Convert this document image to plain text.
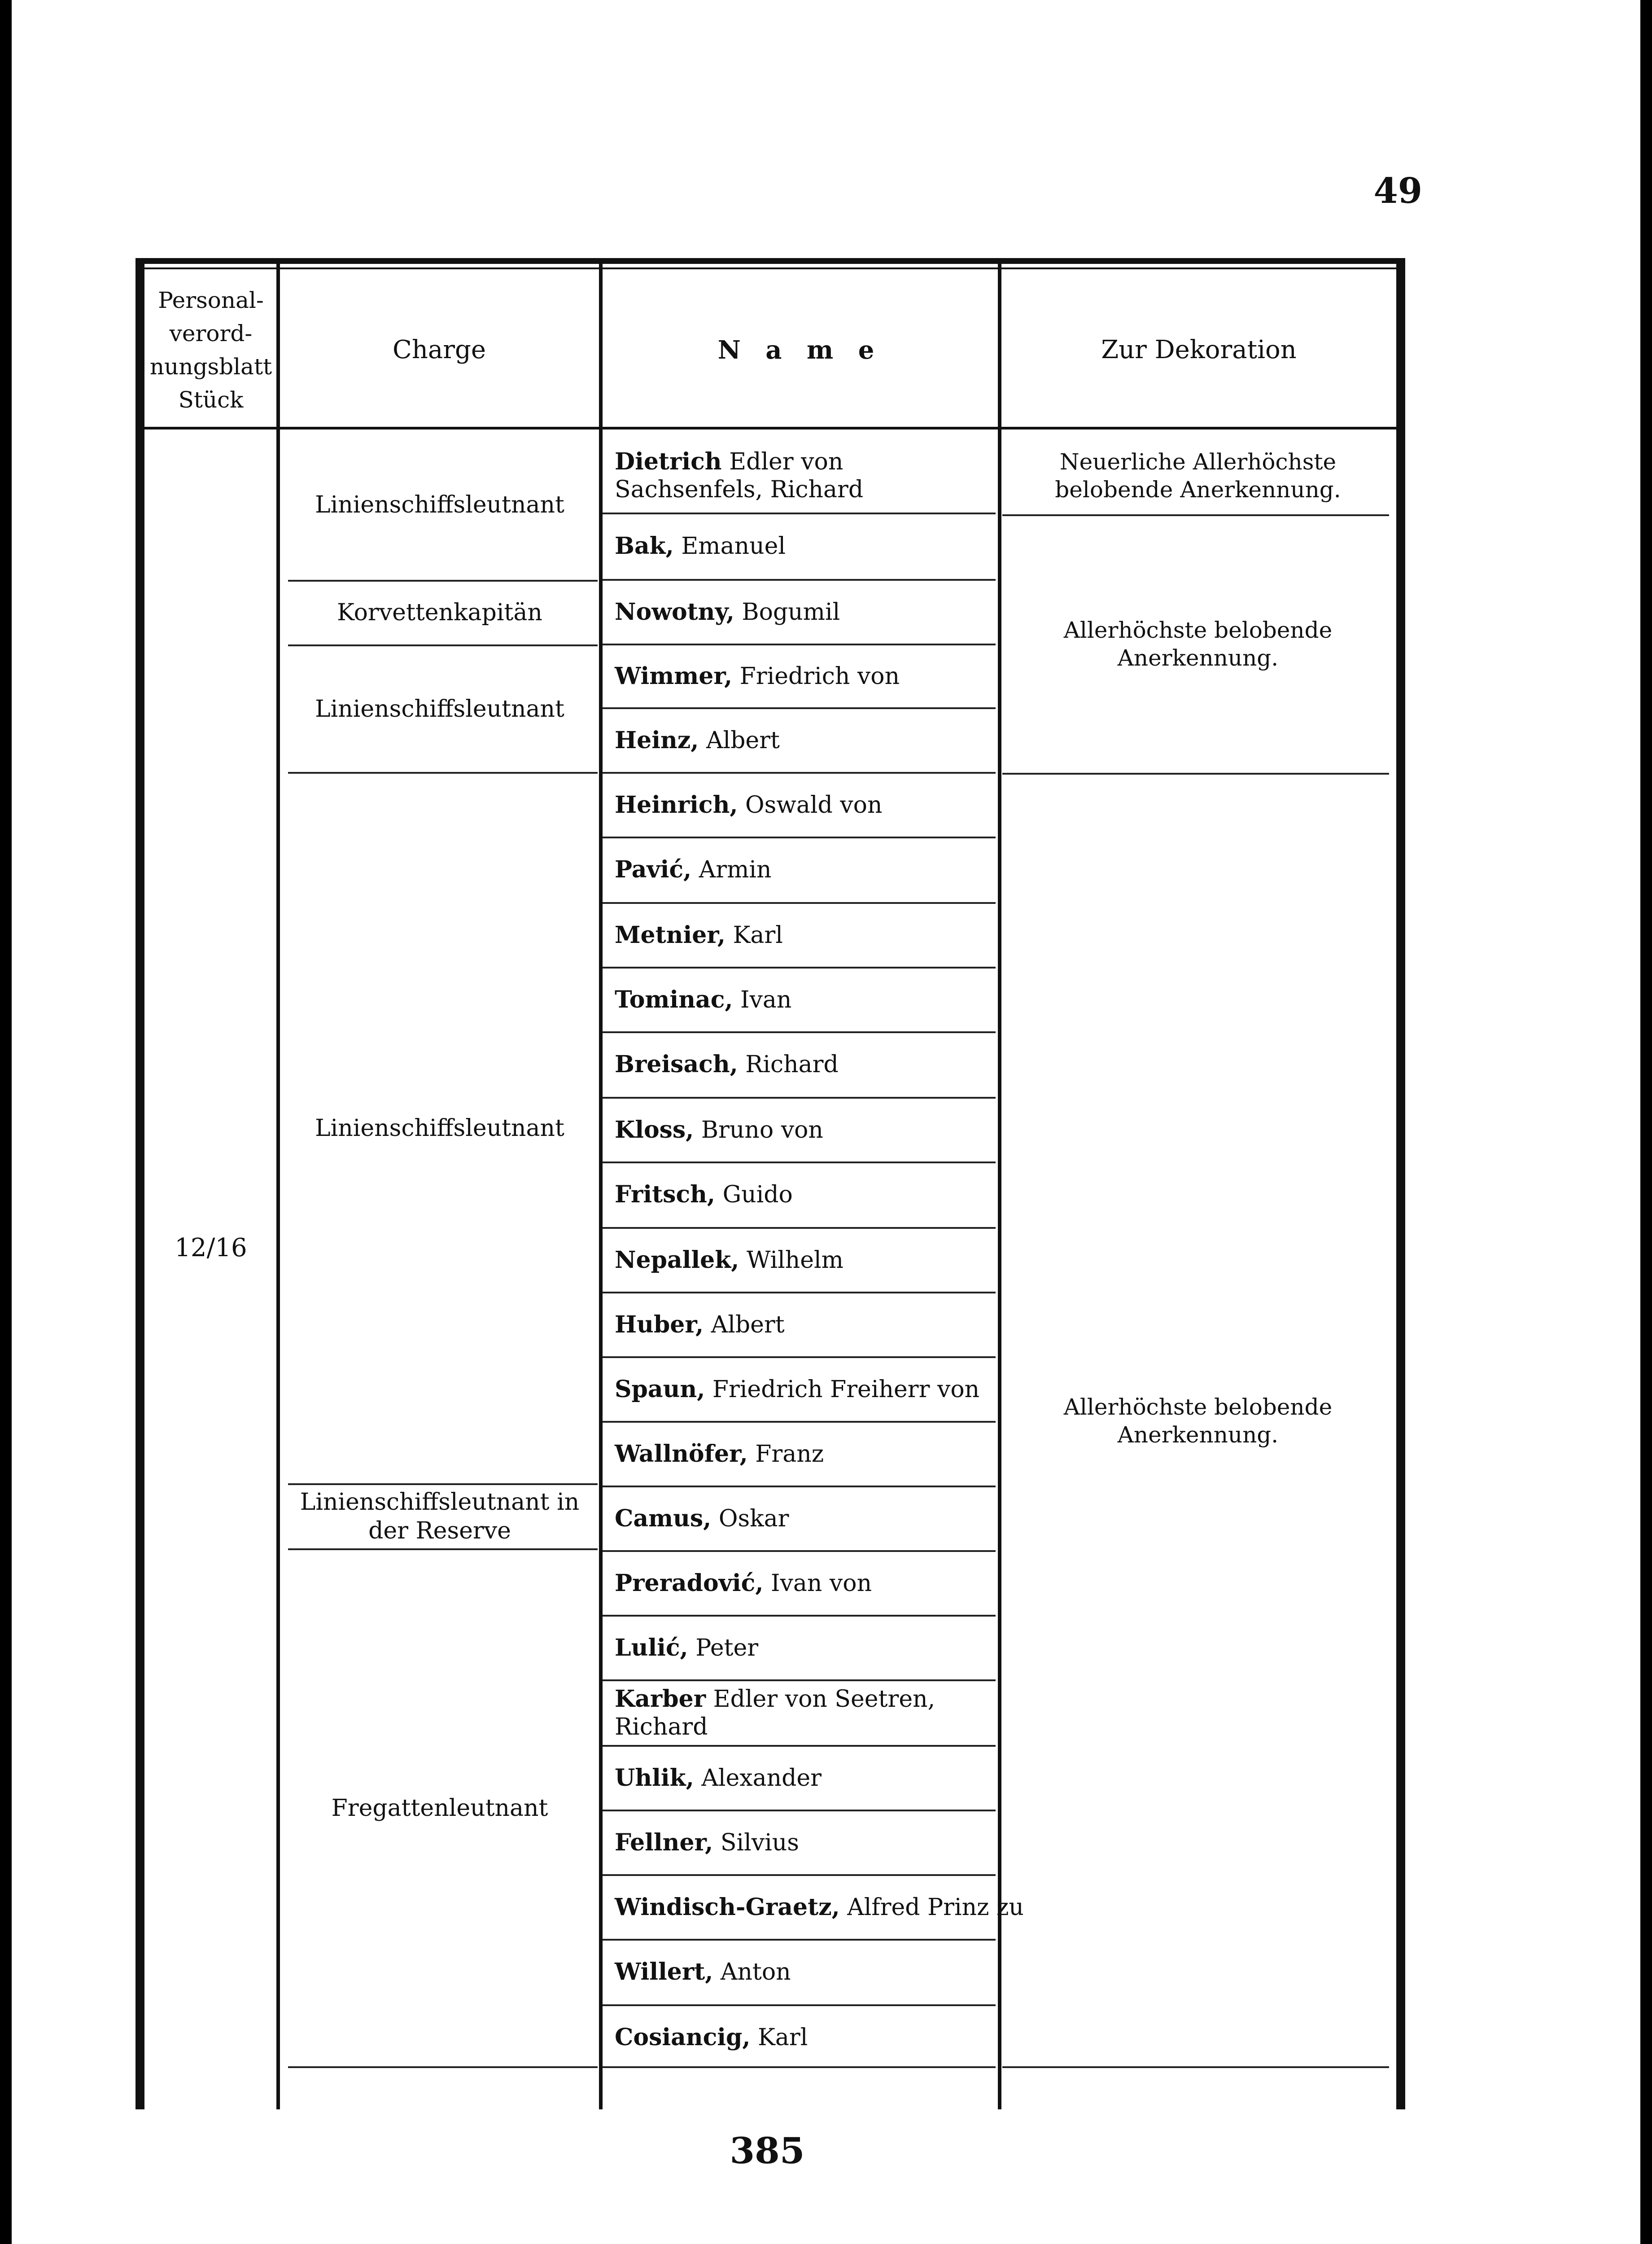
49
Personal-verord-nungsblatt Stück
Charge	N a m e	Zur Dekoration
12/16
Linienschiffsleutnant
Korvettenkapitän
Linienschiffsleutnant
Linienschiffsleutnant
Linienschiffsleutnant in der Reserve
Fregattenleutnant
Dietrich Edler von Sachsenfels, Richard
Bak,
Emanuel
Nowotny,
Bogumil
Wimmer,
Friedrich von
Heinz,
Albert
Heinrich,
Oswald von
Pavić,
Armin
Metnier,
Karl
Tominac,
Ivan
Breisach,
Richard
Kloss,
Bruno von
Fritsch,
Guido
Nepallek,
Wilhelm
Huber,
Albert
Spaun,
Friedrich Freiherr von
Wallnöfer,
Franz
Camus,
Oskar
Preradović,
Ivan von
Lulić,
Peter
Karber Edler von Seetren, Richard
Uhlik,
Alexander
Fellner,
Silvius
Windisch-Graetz,
Alfred Prinz zu
Willert,
Anton
Cosiancig,
Karl
Neuerliche Allerhöchste belobende Anerkennung.
Allerhöchste belobende Anerkennung.
Allerhöchste belobende Anerkennung.
385
